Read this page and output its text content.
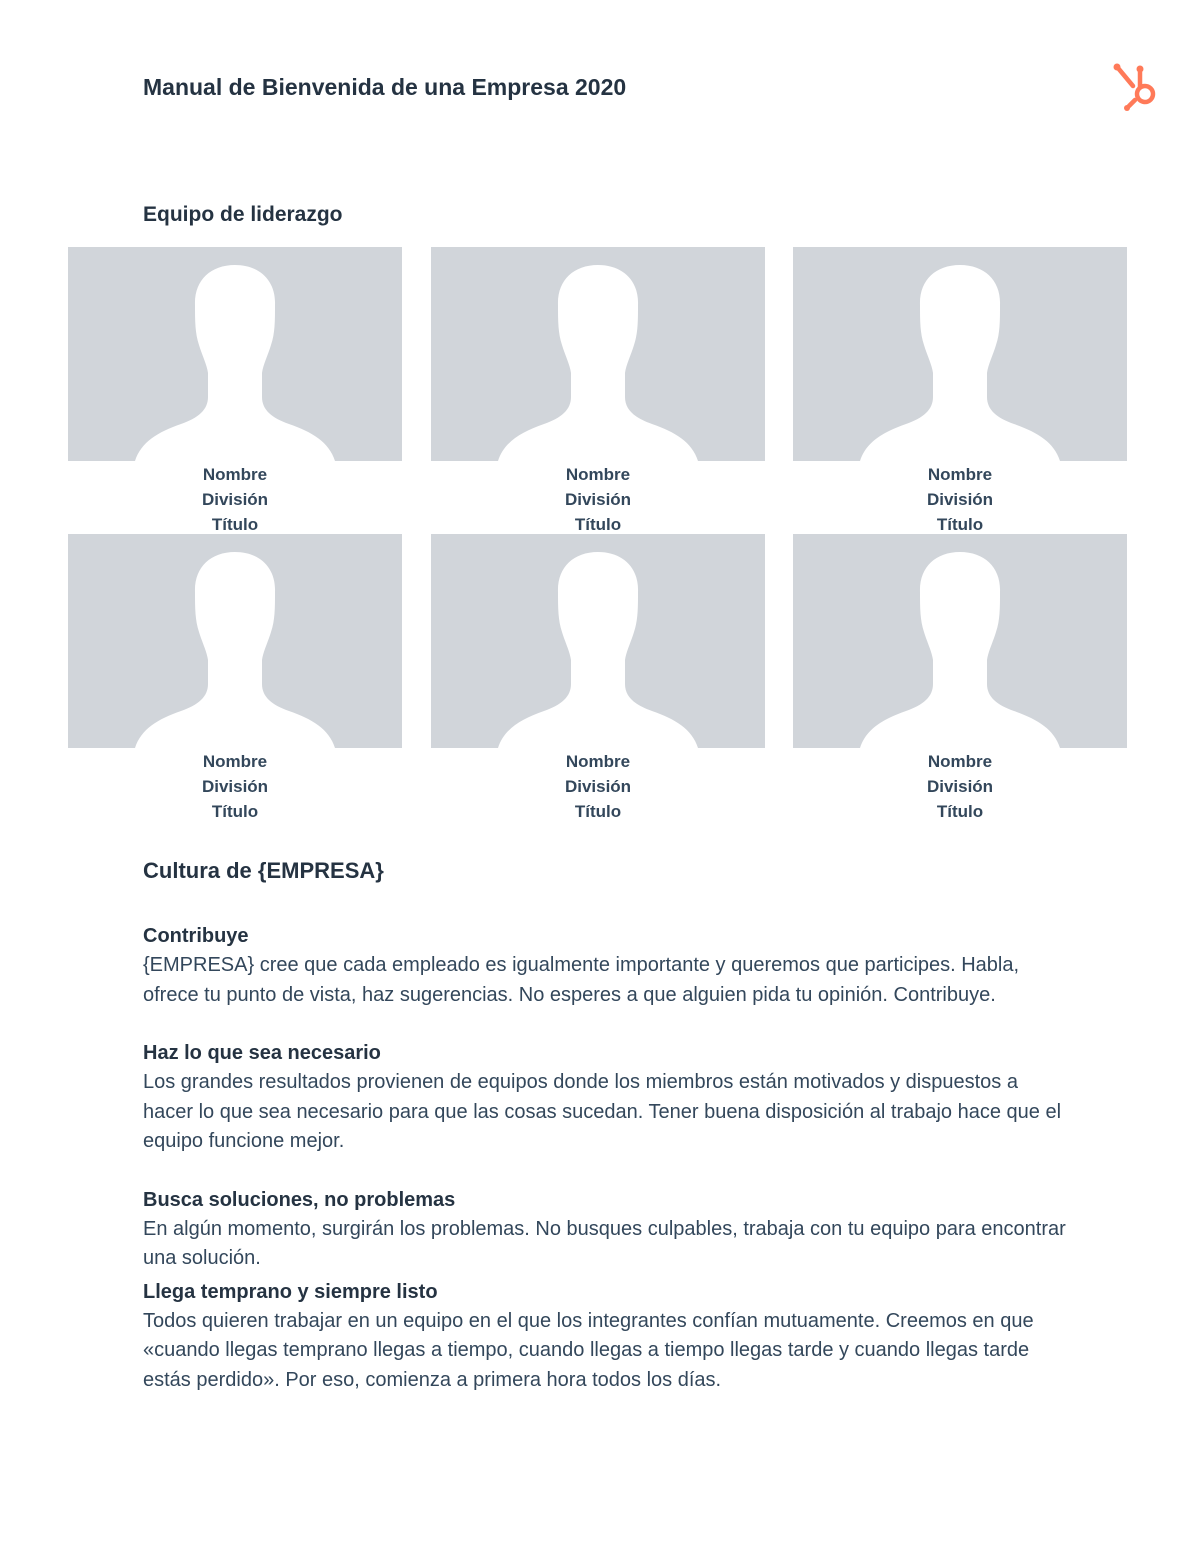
Manual de Bienvenida de una Empresa 2020
Equipo de liderazgo
Nombre
División
Título
Nombre
División
Título
Nombre
División
Título
Nombre
División
Título
Nombre
División
Título
Nombre
División
Título
Cultura de {EMPRESA}
Contribuye
{EMPRESA} cree que cada empleado es igualmente importante y queremos que participes. Habla, ofrece tu punto de vista, haz sugerencias. No esperes a que alguien pida tu opinión. Contribuye.
Haz lo que sea necesario
Los grandes resultados provienen de equipos donde los miembros están motivados y dispuestos a hacer lo que sea necesario para que las cosas sucedan. Tener buena disposición al trabajo hace que el equipo funcione mejor.
Busca soluciones, no problemas
En algún momento, surgirán los problemas. No busques culpables, trabaja con tu equipo para encontrar una solución.
Llega temprano y siempre listo
Todos quieren trabajar en un equipo en el que los integrantes confían mutuamente. Creemos en que «cuando llegas temprano llegas a tiempo, cuando llegas a tiempo llegas tarde y cuando llegas tarde estás perdido». Por eso, comienza a primera hora todos los días.
